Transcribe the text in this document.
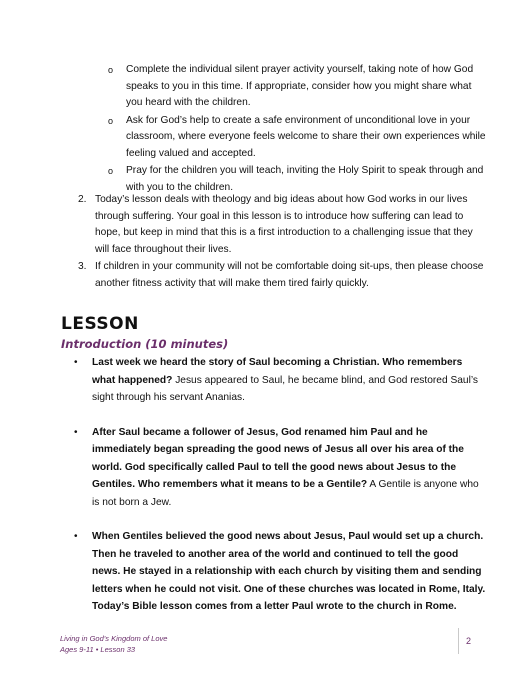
o Complete the individual silent prayer activity yourself, taking note of how God speaks to you in this time. If appropriate, consider how you might share what you heard with the children.
o Ask for God’s help to create a safe environment of unconditional love in your classroom, where everyone feels welcome to share their own experiences while feeling valued and accepted.
o Pray for the children you will teach, inviting the Holy Spirit to speak through and with you to the children.
2. Today’s lesson deals with theology and big ideas about how God works in our lives through suffering. Your goal in this lesson is to introduce how suffering can lead to hope, but keep in mind that this is a first introduction to a challenging issue that they will face throughout their lives.
3. If children in your community will not be comfortable doing sit-ups, then please choose another fitness activity that will make them tired fairly quickly.
LESSON
Introduction (10 minutes)
• Last week we heard the story of Saul becoming a Christian. Who remembers what happened? Jesus appeared to Saul, he became blind, and God restored Saul’s sight through his servant Ananias.
• After Saul became a follower of Jesus, God renamed him Paul and he immediately began spreading the good news of Jesus all over his area of the world. God specifically called Paul to tell the good news about Jesus to the Gentiles. Who remembers what it means to be a Gentile? A Gentile is anyone who is not born a Jew.
• When Gentiles believed the good news about Jesus, Paul would set up a church. Then he traveled to another area of the world and continued to tell the good news. He stayed in a relationship with each church by visiting them and sending letters when he could not visit. One of these churches was located in Rome, Italy. Today’s Bible lesson comes from a letter Paul wrote to the church in Rome.
Living in God’s Kingdom of Love
Ages 9-11 • Lesson 33
2
